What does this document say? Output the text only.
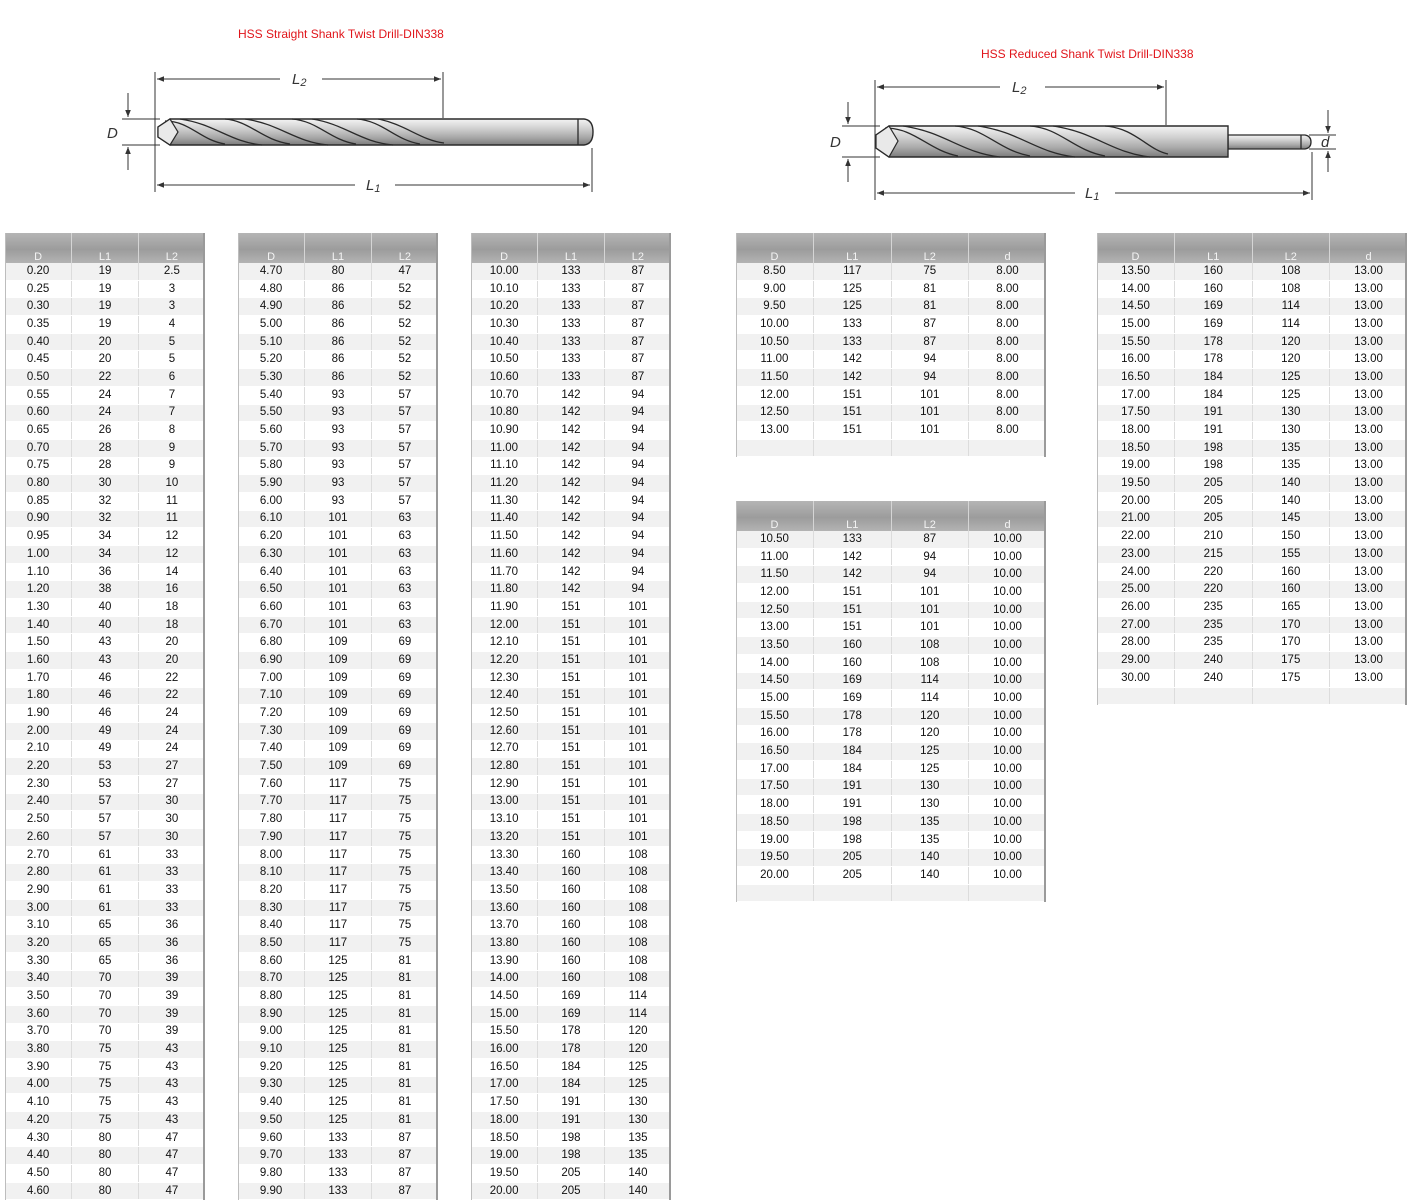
HSS Straight Shank Twist Drill-DIN338
HSS Reduced Shank Twist Drill-DIN338
L2
L1
D
L2
L1
D	d
D	L1	L2
0.20	19	2.5
0.25	19	3
0.30	19	3
0.35	19	4
0.40	20	5
0.45	20	5
0.50	22	6
0.55	24	7
0.60	24	7
0.65	26	8
0.70	28	9
0.75	28	9
0.80	30	10
0.85	32	11
0.90	32	11
0.95	34	12
1.00	34	12
1.10	36	14
1.20	38	16
1.30	40	18
1.40	40	18
1.50	43	20
1.60	43	20
1.70	46	22
1.80	46	22
1.90	46	24
2.00	49	24
2.10	49	24
2.20	53	27
2.30	53	27
2.40	57	30
2.50	57	30
2.60	57	30
2.70	61	33
2.80	61	33
2.90	61	33
3.00	61	33
3.10	65	36
3.20	65	36
3.30	65	36
3.40	70	39
3.50	70	39
3.60	70	39
3.70	70	39
3.80	75	43
3.90	75	43
4.00	75	43
4.10	75	43
4.20	75	43
4.30	80	47
4.40	80	47
4.50	80	47
4.60	80	47
D	L1	L2
4.70	80	47
4.80	86	52
4.90	86	52
5.00	86	52
5.10	86	52
5.20	86	52
5.30	86	52
5.40	93	57
5.50	93	57
5.60	93	57
5.70	93	57
5.80	93	57
5.90	93	57
6.00	93	57
6.10	101	63
6.20	101	63
6.30	101	63
6.40	101	63
6.50	101	63
6.60	101	63
6.70	101	63
6.80	109	69
6.90	109	69
7.00	109	69
7.10	109	69
7.20	109	69
7.30	109	69
7.40	109	69
7.50	109	69
7.60	117	75
7.70	117	75
7.80	117	75
7.90	117	75
8.00	117	75
8.10	117	75
8.20	117	75
8.30	117	75
8.40	117	75
8.50	117	75
8.60	125	81
8.70	125	81
8.80	125	81
8.90	125	81
9.00	125	81
9.10	125	81
9.20	125	81
9.30	125	81
9.40	125	81
9.50	125	81
9.60	133	87
9.70	133	87
9.80	133	87
9.90	133	87
D	L1	L2
10.00	133	87
10.10	133	87
10.20	133	87
10.30	133	87
10.40	133	87
10.50	133	87
10.60	133	87
10.70	142	94
10.80	142	94
10.90	142	94
11.00	142	94
11.10	142	94
11.20	142	94
11.30	142	94
11.40	142	94
11.50	142	94
11.60	142	94
11.70	142	94
11.80	142	94
11.90	151	101
12.00	151	101
12.10	151	101
12.20	151	101
12.30	151	101
12.40	151	101
12.50	151	101
12.60	151	101
12.70	151	101
12.80	151	101
12.90	151	101
13.00	151	101
13.10	151	101
13.20	151	101
13.30	160	108
13.40	160	108
13.50	160	108
13.60	160	108
13.70	160	108
13.80	160	108
13.90	160	108
14.00	160	108
14.50	169	114
15.00	169	114
15.50	178	120
16.00	178	120
16.50	184	125
17.00	184	125
17.50	191	130
18.00	191	130
18.50	198	135
19.00	198	135
19.50	205	140
20.00	205	140
D	L1	L2	d
8.50	117	75	8.00
9.00	125	81	8.00
9.50	125	81	8.00
10.00	133	87	8.00
10.50	133	87	8.00
11.00	142	94	8.00
11.50	142	94	8.00
12.00	151	101	8.00
12.50	151	101	8.00
13.00	151	101	8.00

D	L1	L2	d
10.50	133	87	10.00
11.00	142	94	10.00
11.50	142	94	10.00
12.00	151	101	10.00
12.50	151	101	10.00
13.00	151	101	10.00
13.50	160	108	10.00
14.00	160	108	10.00
14.50	169	114	10.00
15.00	169	114	10.00
15.50	178	120	10.00
16.00	178	120	10.00
16.50	184	125	10.00
17.00	184	125	10.00
17.50	191	130	10.00
18.00	191	130	10.00
18.50	198	135	10.00
19.00	198	135	10.00
19.50	205	140	10.00
20.00	205	140	10.00

D	L1	L2	d
13.50	160	108	13.00
14.00	160	108	13.00
14.50	169	114	13.00
15.00	169	114	13.00
15.50	178	120	13.00
16.00	178	120	13.00
16.50	184	125	13.00
17.00	184	125	13.00
17.50	191	130	13.00
18.00	191	130	13.00
18.50	198	135	13.00
19.00	198	135	13.00
19.50	205	140	13.00
20.00	205	140	13.00
21.00	205	145	13.00
22.00	210	150	13.00
23.00	215	155	13.00
24.00	220	160	13.00
25.00	220	160	13.00
26.00	235	165	13.00
27.00	235	170	13.00
28.00	235	170	13.00
29.00	240	175	13.00
30.00	240	175	13.00
